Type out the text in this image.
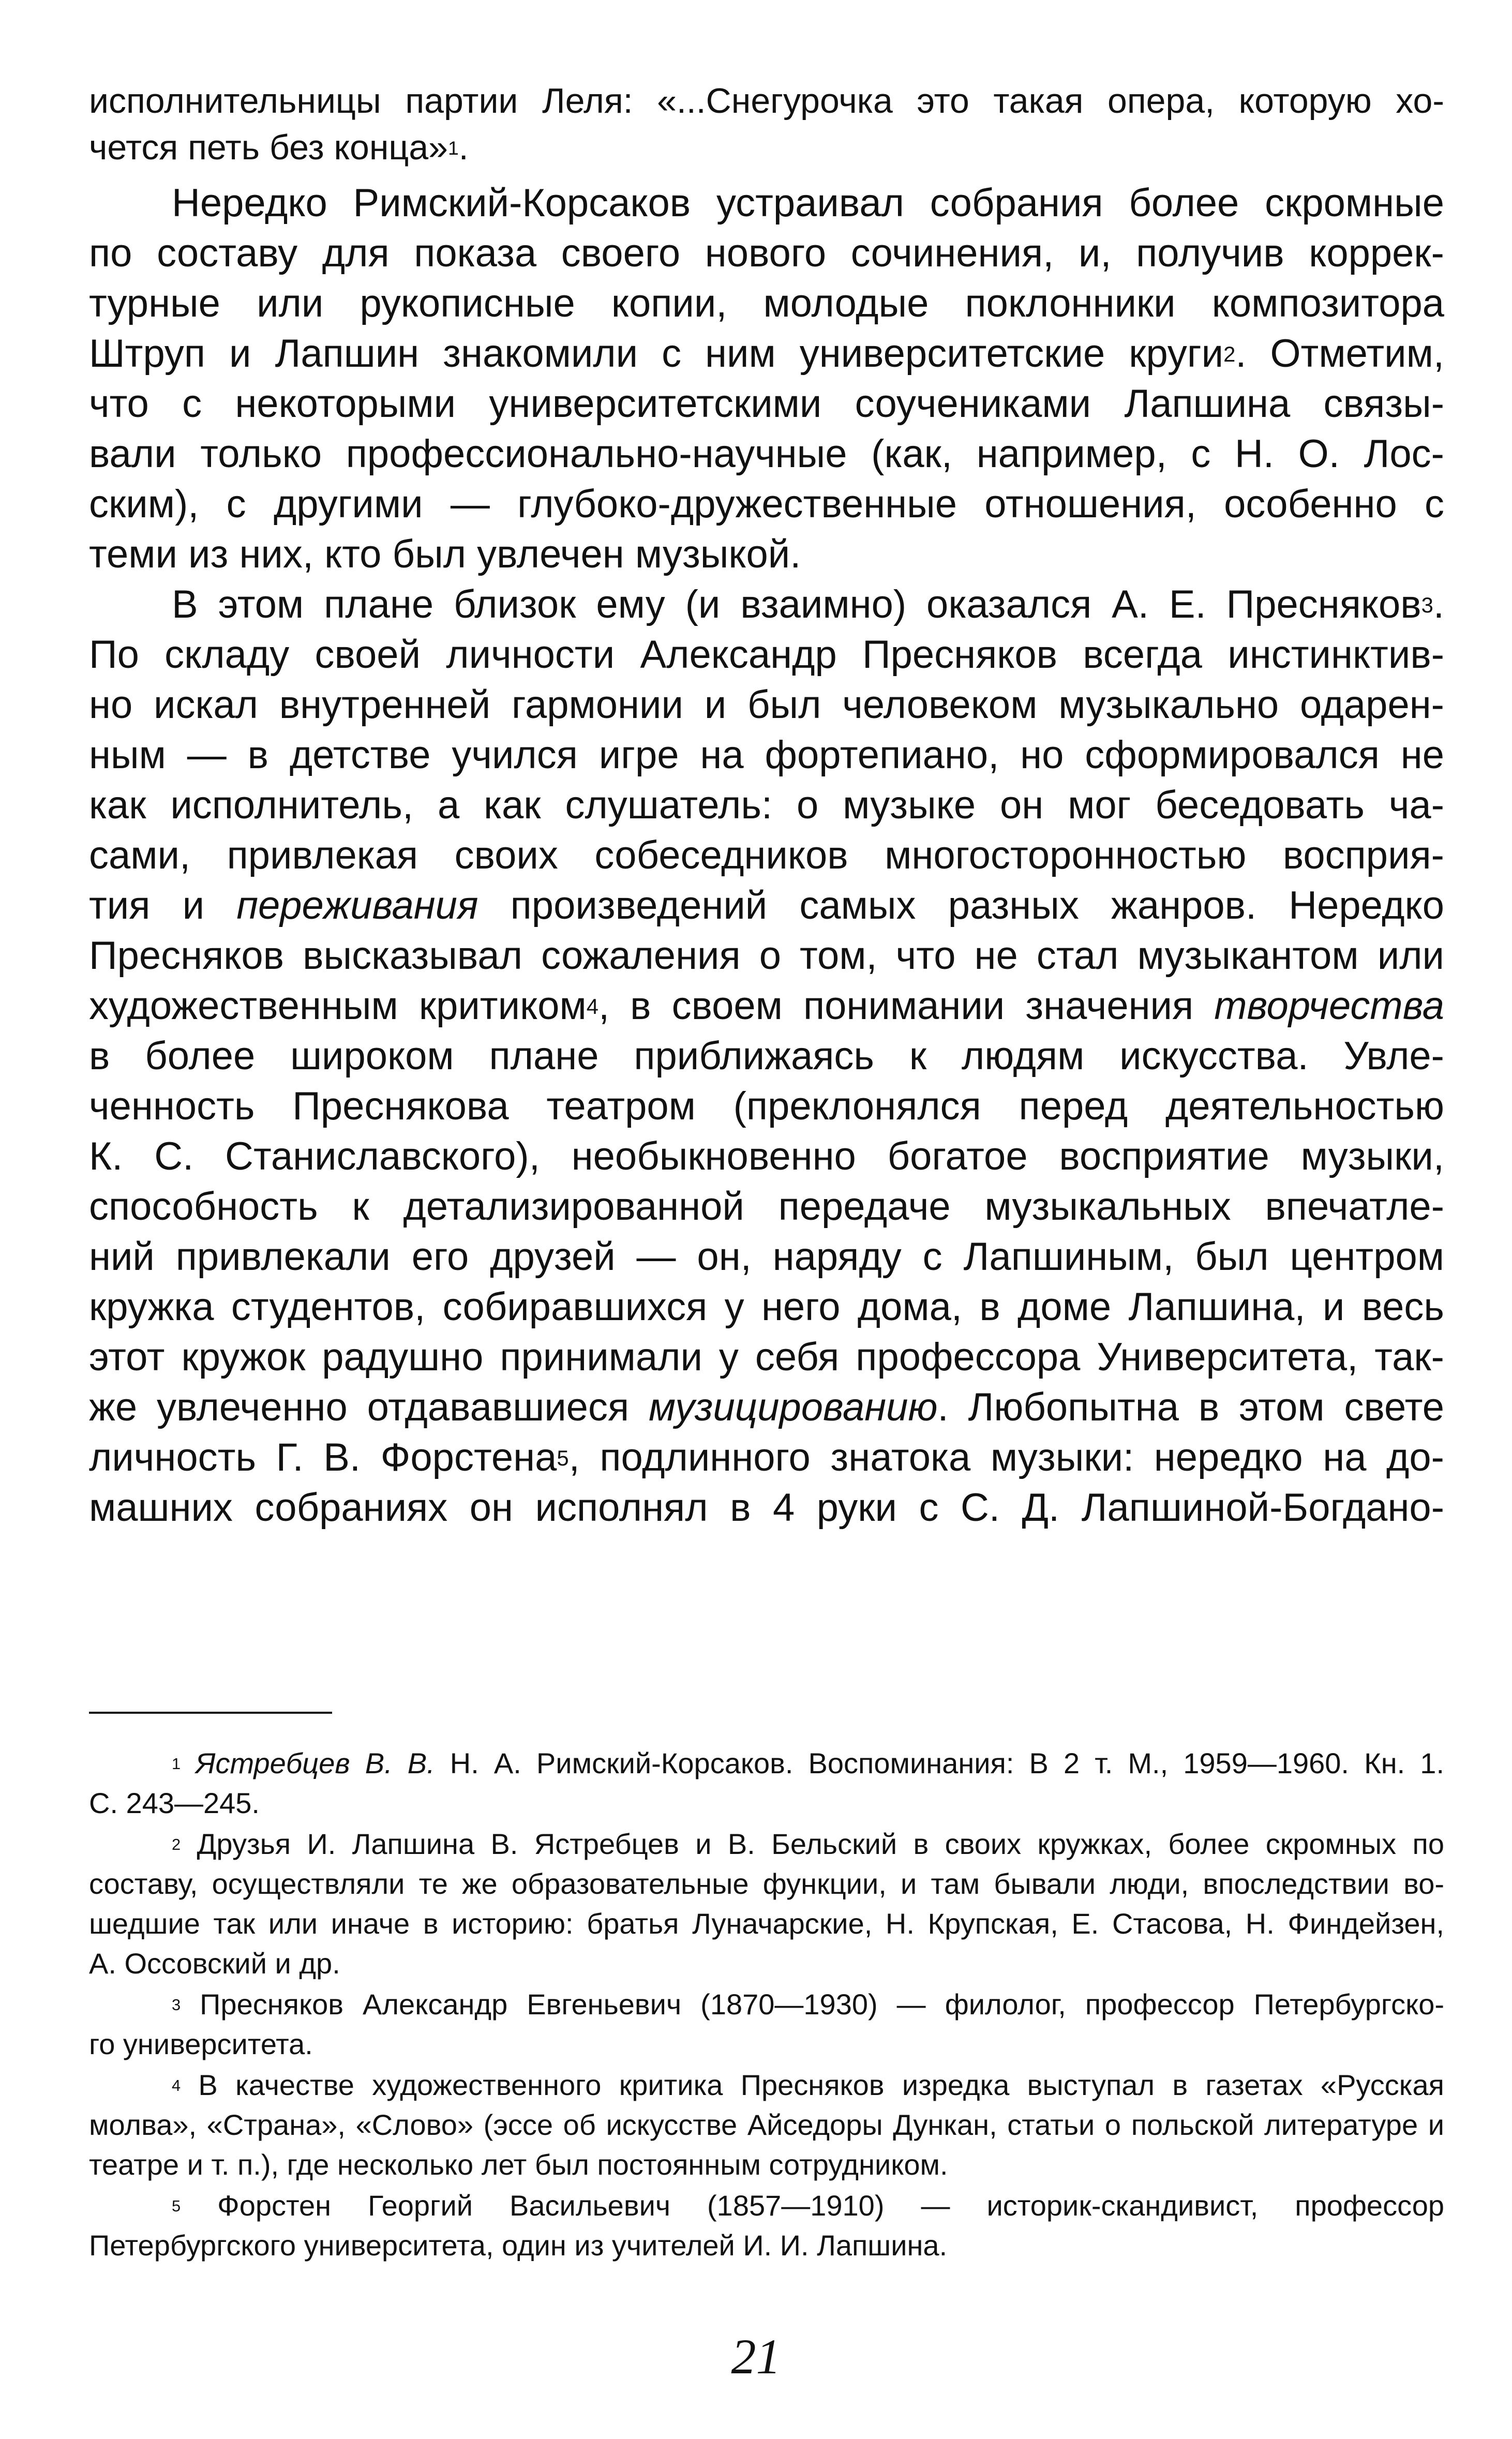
исполнительницы партии Леля: «...Снегурочка это такая опера, которую хо-
чется петь без конца»$^1$.

Нередко Римский-Корсаков устраивал собрания более скромные
по составу для показа своего нового сочинения, и, получив коррек-
турные или рукописные копии, молодые поклонники композитора
Штруп и Лапшин знакомили с ним университетские круги$^2$. Отметим,
что с некоторыми университетскими соучениками Лапшина связы-
вали только профессионально-научные (как, например, с Н. О. Лос-
ским), с другими — глубоко-дружественные отношения, особенно с
теми из них, кто был увлечен музыкой.

В этом плане близок ему (и взаимно) оказался А. Е. Пресняков$^3$.
По складу своей личности Александр Пресняков всегда инстинктив-
но искал внутренней гармонии и был человеком музыкально одарен-
ным — в детстве учился игре на фортепиано, но сформировался не
как исполнитель, а как слушатель: о музыке он мог беседовать ча-
сами, привлекая своих собеседников многосторонностью восприя-
тия и переживания произведений самых разных жанров. Нередко
Пресняков высказывал сожаления о том, что не стал музыкантом или
художественным критиком$^4$, в своем понимании значения творчества
в более широком плане приближаясь к людям искусства. Увле-
ченность Преснякова театром (преклонялся перед деятельностью
К. С. Станиславского), необыкновенно богатое восприятие музыки,
способность к детализированной передаче музыкальных впечатле-
ний привлекали его друзей — он, наряду с Лапшиным, был центром
кружка студентов, собиравшихся у него дома, в доме Лапшина, и весь
этот кружок радушно принимали у себя профессора Университета, так-
же увлеченно отдававшиеся музицированию. Любопытна в этом свете
личность Г. В. Форстена$^5$, подлинного знатока музыки: нередко на до-
машних собраниях он исполнял в 4 руки с С. Д. Лапшиной-Богдано-

$^1$ Ястребцев В. В. Н. А. Римский-Корсаков. Воспоминания: В 2 т. М., 1959—1960. Кн. 1.
С. 243—245.

$^2$ Друзья И. Лапшина В. Ястребцев и В. Бельский в своих кружках, более скромных по
составу, осуществляли те же образовательные функции, и там бывали люди, впоследствии во-
шедшие так или иначе в историю: братья Луначарские, Н. Крупская, Е. Стасова, Н. Финдейзен,
А. Оссовский и др.

$^3$ Пресняков Александр Евгеньевич (1870—1930) — филолог, профессор Петербургско-
го университета.

$^4$ В качестве художественного критика Пресняков изредка выступал в газетах «Русская
молва», «Страна», «Слово» (эссе об искусстве Айседоры Дункан, статьи о польской литературе и
театре и т. п.), где несколько лет был постоянным сотрудником.

$^5$ Форстен Георгий Васильевич (1857—1910) — историк-скандивист, профессор
Петербургского университета, один из учителей И. И. Лапшина.

21
